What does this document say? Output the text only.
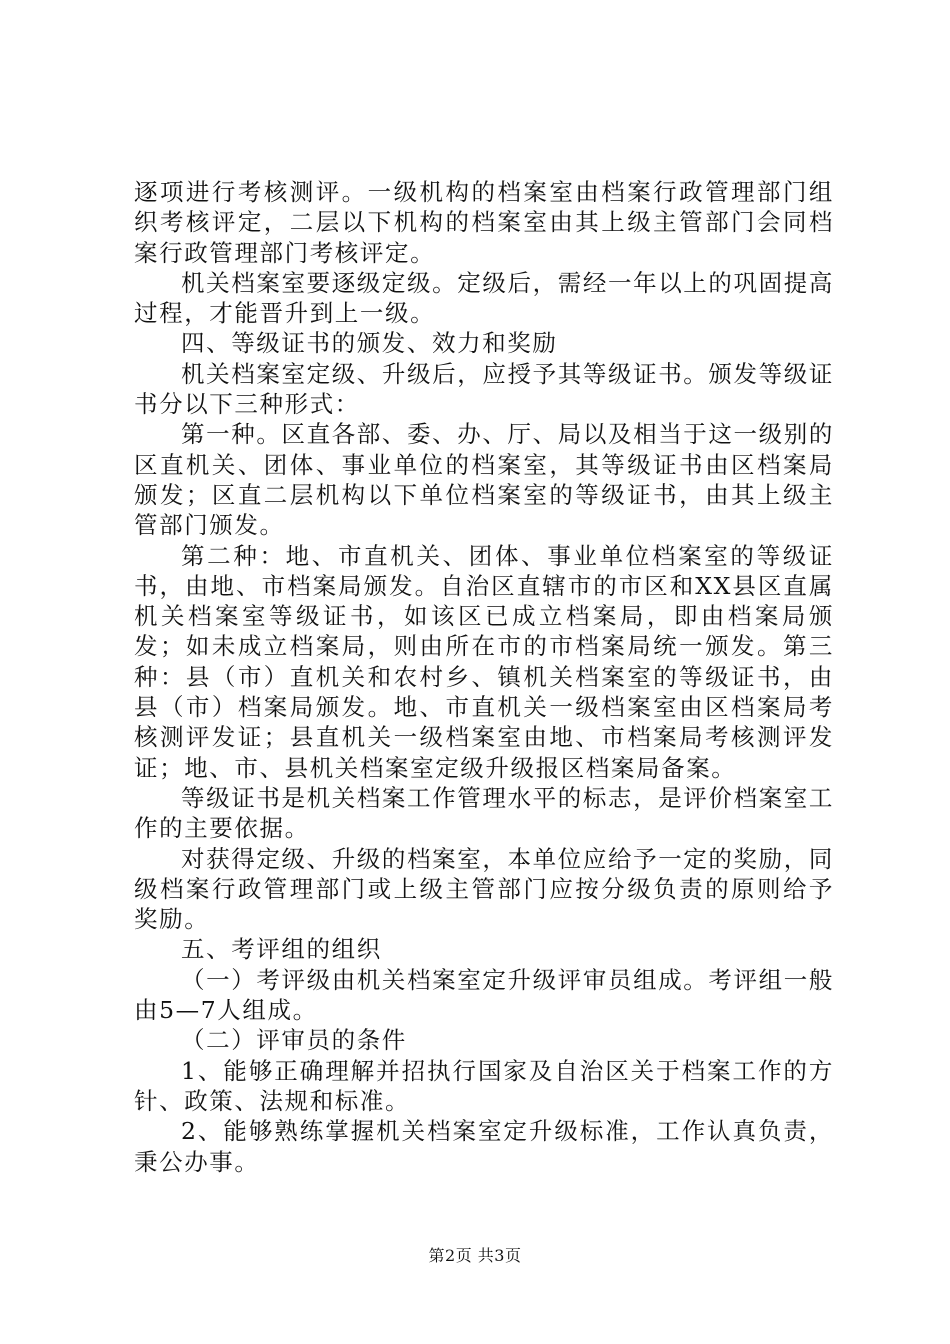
逐项进行考核测评。一级机构的档案室由档案行政管理部门组织考核评定，二层以下机构的档案室由其上级主管部门会同档案行政管理部门考核评定。

机关档案室要逐级定级。定级后，需经一年以上的巩固提高过程，才能晋升到上一级。

四、等级证书的颁发、效力和奖励

机关档案室定级、升级后，应授予其等级证书。颁发等级证书分以下三种形式：

第一种。区直各部、委、办、厅、局以及相当于这一级别的区直机关、团体、事业单位的档案室，其等级证书由区档案局颁发；区直二层机构以下单位档案室的等级证书，由其上级主管部门颁发。

第二种：地、市直机关、团体、事业单位档案室的等级证书，由地、市档案局颁发。自治区直辖市的市区和XX县区直属机关档案室等级证书，如该区已成立档案局，即由档案局颁发；如未成立档案局，则由所在市的市档案局统一颁发。第三种：县（市）直机关和农村乡、镇机关档案室的等级证书，由县（市）档案局颁发。地、市直机关一级档案室由区档案局考核测评发证；县直机关一级档案室由地、市档案局考核测评发证；地、市、县机关档案室定级升级报区档案局备案。

等级证书是机关档案工作管理水平的标志，是评价档案室工作的主要依据。

对获得定级、升级的档案室，本单位应给予一定的奖励，同级档案行政管理部门或上级主管部门应按分级负责的原则给予奖励。

五、考评组的组织

（一）考评级由机关档案室定升级评审员组成。考评组一般由5—7人组成。

（二）评审员的条件

1、能够正确理解并招执行国家及自治区关于档案工作的方针、政策、法规和标准。

2、能够熟练掌握机关档案室定升级标准，工作认真负责，秉公办事。

第2页 共3页
